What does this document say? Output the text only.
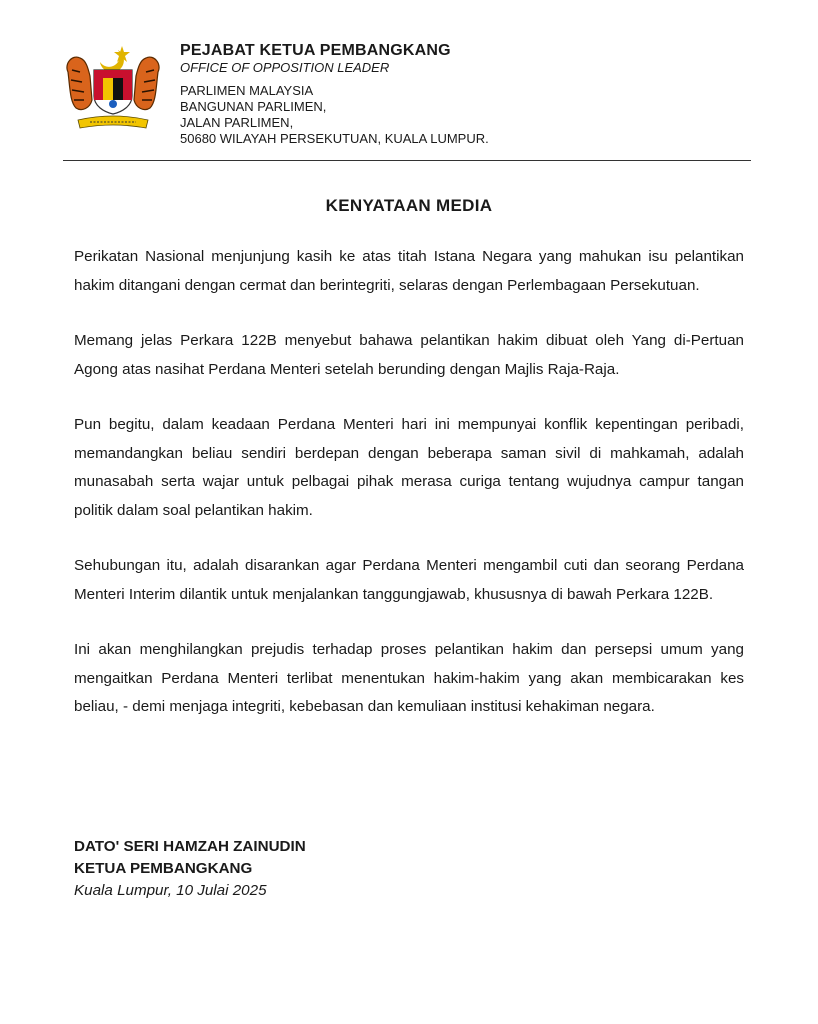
PEJABAT KETUA PEMBANGKANG
OFFICE OF OPPOSITION LEADER
PARLIMEN MALAYSIA
BANGUNAN PARLIMEN,
JALAN PARLIMEN,
50680 WILAYAH PERSEKUTUAN, KUALA LUMPUR.
KENYATAAN MEDIA

Perikatan Nasional menjunjung kasih ke atas titah Istana Negara yang mahukan isu pelantikan hakim ditangani dengan cermat dan berintegriti, selaras dengan Perlembagaan Persekutuan.

Memang jelas Perkara 122B menyebut bahawa pelantikan hakim dibuat oleh Yang di-Pertuan Agong atas nasihat Perdana Menteri setelah berunding dengan Majlis Raja-Raja.

Pun begitu, dalam keadaan Perdana Menteri hari ini mempunyai konflik kepentingan peribadi, memandangkan beliau sendiri berdepan dengan beberapa saman sivil di mahkamah, adalah munasabah serta wajar untuk pelbagai pihak merasa curiga tentang wujudnya campur tangan politik dalam soal pelantikan hakim.

Sehubungan itu, adalah disarankan agar Perdana Menteri mengambil cuti dan seorang Perdana Menteri Interim dilantik untuk menjalankan tanggungjawab, khususnya di bawah Perkara 122B.

Ini akan menghilangkan prejudis terhadap proses pelantikan hakim dan persepsi umum yang mengaitkan Perdana Menteri terlibat menentukan hakim-hakim yang akan membicarakan kes beliau, - demi menjaga integriti, kebebasan dan kemuliaan institusi kehakiman negara.

DATO' SERI HAMZAH ZAINUDIN
KETUA PEMBANGKANG
Kuala Lumpur, 10 Julai 2025
